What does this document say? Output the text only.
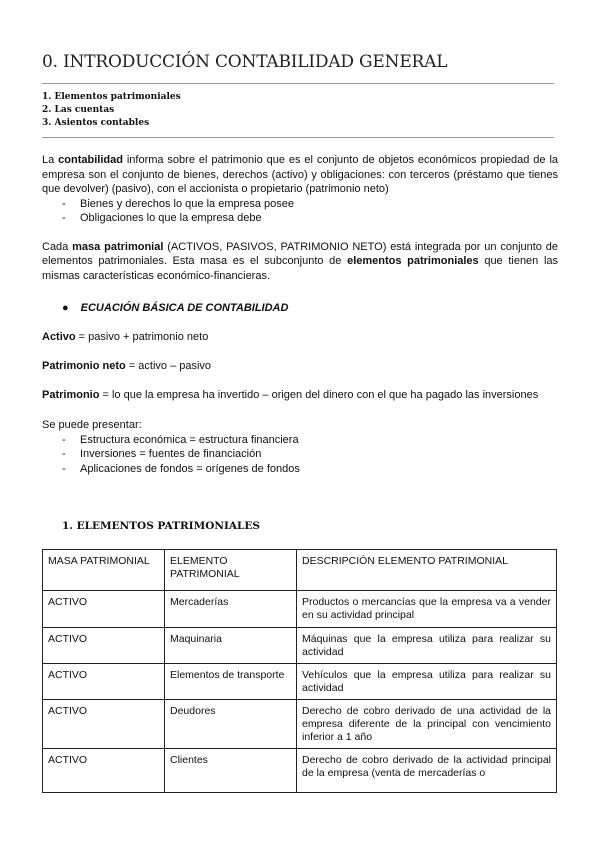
0. INTRODUCCIÓN CONTABILIDAD GENERAL
1. Elementos patrimoniales
2. Las cuentas
3. Asientos contables

La contabilidad informa sobre el patrimonio que es el conjunto de objetos económicos propiedad de la empresa son el conjunto de bienes, derechos (activo) y obligaciones: con terceros (préstamo que tienes que devolver) (pasivo), con el accionista o propietario (patrimonio neto)

- Bienes y derechos lo que la empresa posee
- Obligaciones lo que la empresa debe

Cada masa patrimonial (ACTIVOS, PASIVOS, PATRIMONIO NETO) está integrada por un conjunto de elementos patrimoniales. Esta masa es el subconjunto de elementos patrimoniales que tienen las mismas características económico-financieras.

● ECUACIÓN BÁSICA DE CONTABILIDAD
Activo = pasivo + patrimonio neto
Patrimonio neto = activo – pasivo
Patrimonio = lo que la empresa ha invertido – origen del dinero con el que ha pagado las inversiones
Se puede presentar:
- Estructura económica = estructura financiera
- Inversiones = fuentes de financiación
- Aplicaciones de fondos = orígenes de fondos
1. ELEMENTOS PATRIMONIALES
MASA PATRIMONIAL	ELEMENTO PATRIMONIAL	DESCRIPCIÓN ELEMENTO PATRIMONIAL
ACTIVO	Mercaderías	Productos o mercancías que la empresa va a vender en su actividad principal
ACTIVO	Maquinaria	Máquinas que la empresa utiliza para realizar su actividad
ACTIVO	Elementos de transporte	Vehículos que la empresa utiliza para realizar su actividad
ACTIVO	Deudores	Derecho de cobro derivado de una actividad de la empresa diferente de la principal con vencimiento inferior a 1 año
ACTIVO	Clientes	Derecho de cobro derivado de la actividad principal de la empresa (venta de mercaderías o
